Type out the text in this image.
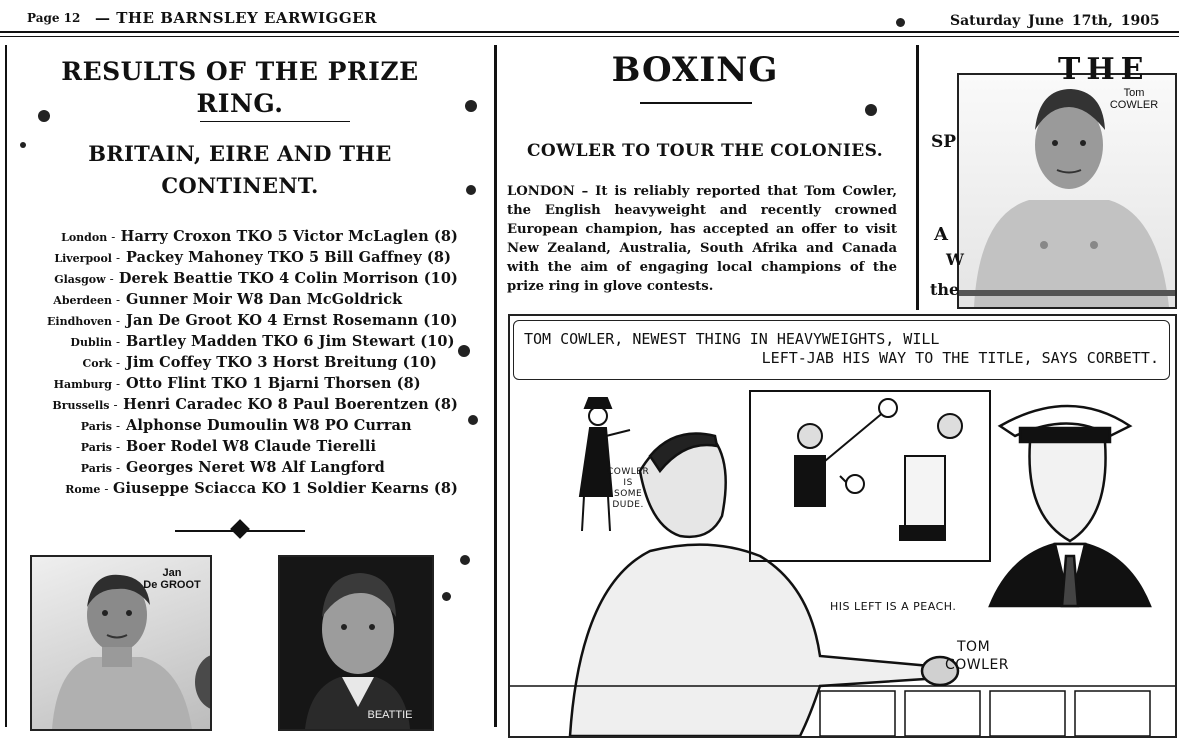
Page 12 — THE BARNSLEY EARWIGGER	Saturday June 17th, 1905
RESULTS OF THE PRIZE RING.
BRITAIN, EIRE AND THE CONTINENT.
London - Harry Croxon TKO 5 Victor McLaglen (8)
Liverpool - Packey Mahoney TKO 5 Bill Gaffney (8)
Glasgow - Derek Beattie TKO 4 Colin Morrison (10)
Aberdeen - Gunner Moir W8 Dan McGoldrick
Eindhoven - Jan De Groot KO 4 Ernst Rosemann (10)
Dublin - Bartley Madden TKO 6 Jim Stewart (10)
Cork - Jim Coffey TKO 3 Horst Breitung (10)
Hamburg - Otto Flint TKO 1 Bjarni Thorsen (8)
Brussells - Henri Caradec KO 8 Paul Boerentzen (8)
Paris - Alphonse Dumoulin W8 PO Curran
Paris - Boer Rodel W8 Claude Tierelli
Paris - Georges Neret W8 Alf Langford
Rome - Giuseppe Sciacca KO 1 Soldier Kearns (8)
Jan
De GROOT
BEATTIE
BOXING
COWLER TO TOUR THE COLONIES.
LONDON – It is reliably reported that Tom Cowler, the English heavyweight and recently crowned European champion, has accepted an offer to visit New Zealand, Australia, South Afrika and Canada with the aim of engaging local champions of the prize ring in glove contests.
Tom
COWLER
THE
SP
A
W
the
TOM COWLER, NEWEST THING IN HEAVYWEIGHTS, WILL
LEFT-JAB HIS WAY TO THE TITLE, SAYS CORBETT.
COWLER
IS
SOME
DUDE.
HIS LEFT IS A PEACH.
TOM
COWLER
